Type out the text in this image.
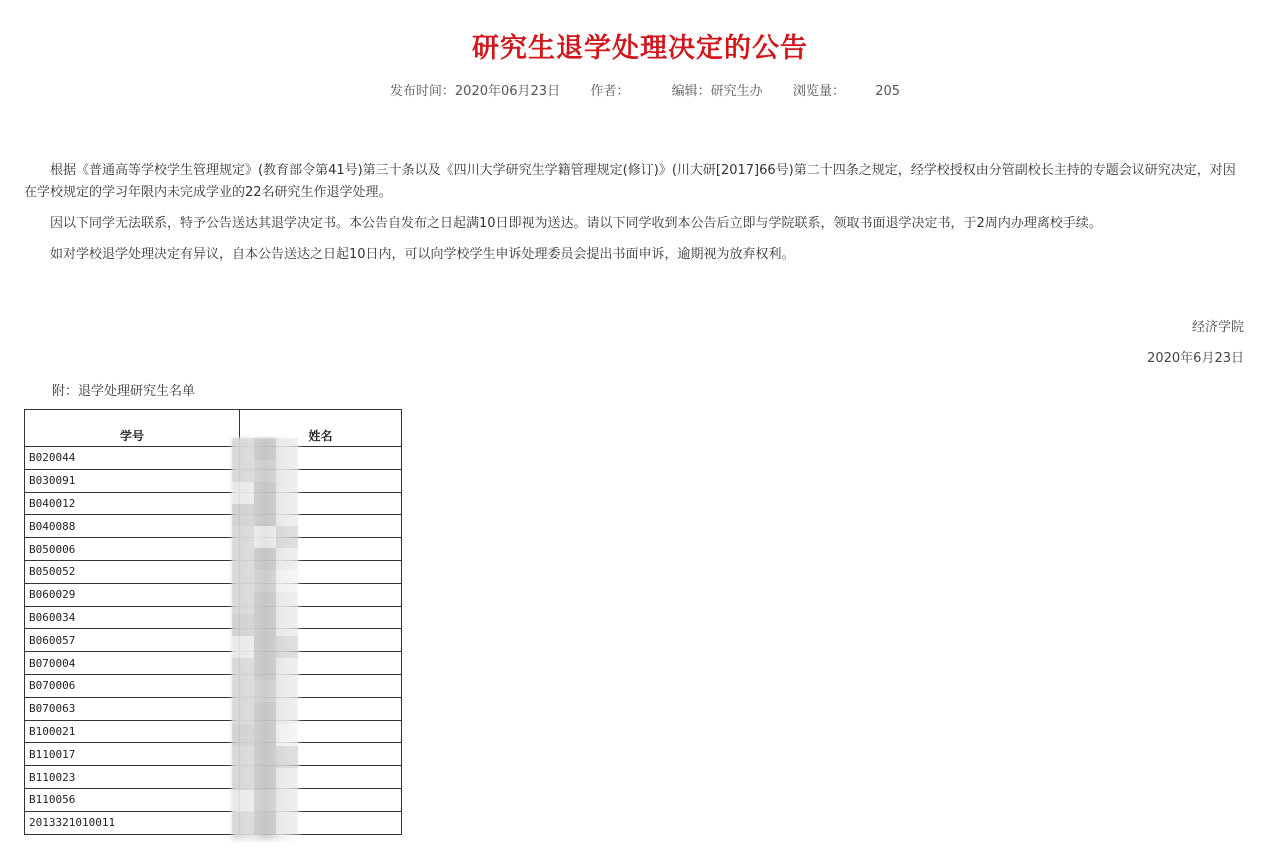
研究生退学处理决定的公告
发布时间：2020年06月23日 作者：	编辑：研究生办 浏览量： 205

根据《普通高等学校学生管理规定》(教育部令第41号)第三十条以及《四川大学研究生学籍管理规定(修订)》(川大研[2017]66号)第二十四条之规定，经学校授权由分管副校长主持的专题会议研究决定，对因在学校规定的学习年限内未完成学业的22名研究生作退学处理。

因以下同学无法联系，特予公告送达其退学决定书。本公告自发布之日起满10日即视为送达。请以下同学收到本公告后立即与学院联系，领取书面退学决定书，于2周内办理离校手续。

如对学校退学处理决定有异议，自本公告送达之日起10日内，可以向学校学生申诉处理委员会提出书面申诉，逾期视为放弃权利。

经济学院
2020年6月23日
附：退学处理研究生名单
学号	姓名
B020044	
B030091	
B040012	
B040088	
B050006	
B050052	
B060029	
B060034	
B060057	
B070004	
B070006	
B070063	
B100021	
B110017	
B110023	
B110056	
2013321010011	
